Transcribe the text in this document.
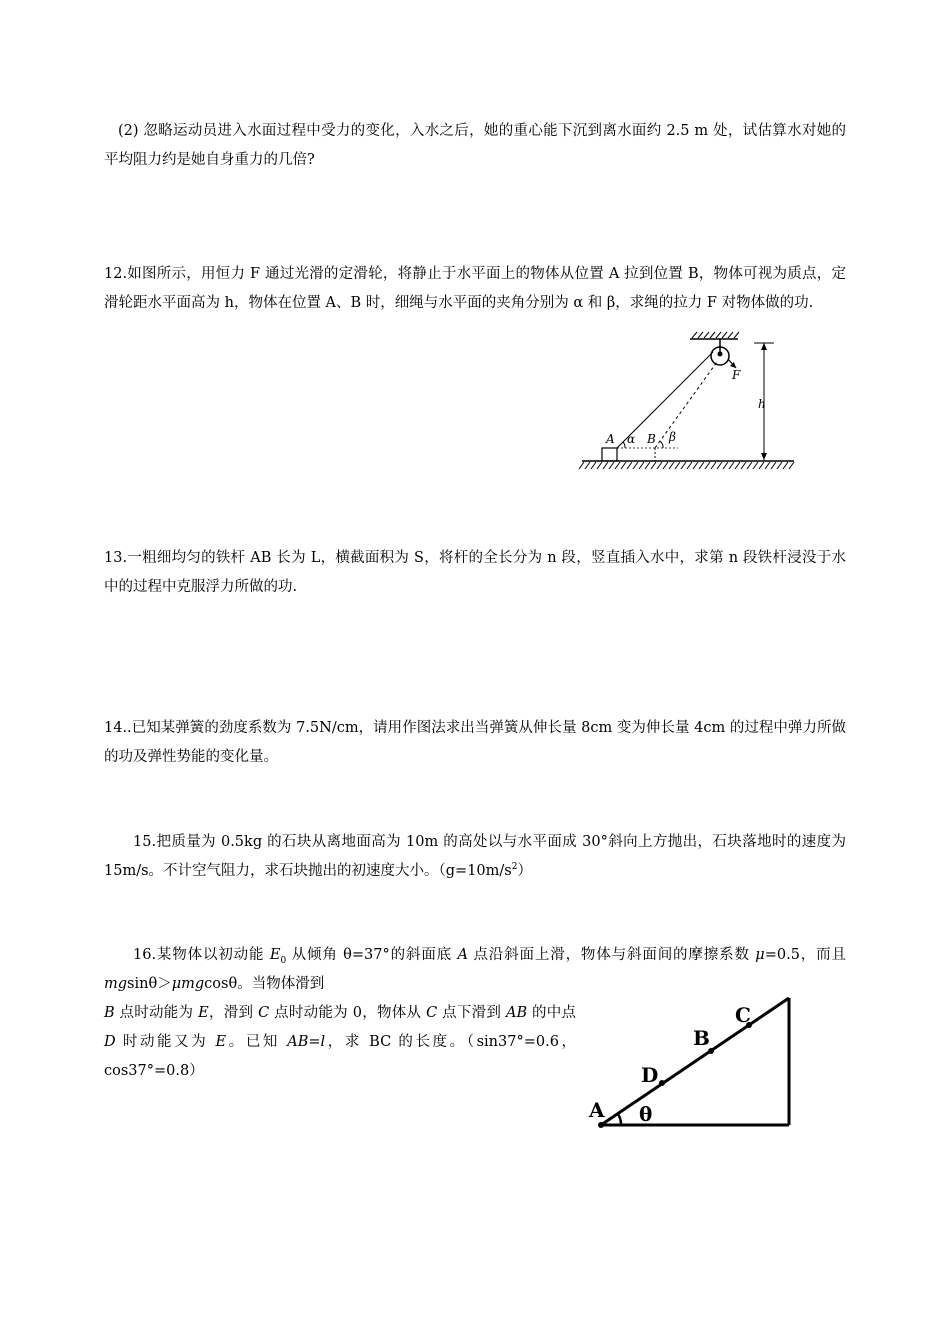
(2) 忽略运动员进入水面过程中受力的变化，入水之后，她的重心能下沉到离水面约 2.5 m 处，试估算水对她的平均阻力约是她自身重力的几倍?

12.如图所示，用恒力 F 通过光滑的定滑轮，将静止于水平面上的物体从位置 A 拉到位置 B，物体可视为质点，定滑轮距水平面高为 h，物体在位置 A、B 时，细绳与水平面的夹角分别为 α 和 β，求绳的拉力 F 对物体做的功.

F
h
A α B β

13.一粗细均匀的铁杆 AB 长为 L，横截面积为 S，将杆的全长分为 n 段，竖直插入水中，求第 n 段铁杆浸没于水中的过程中克服浮力所做的功.

14..已知某弹簧的劲度系数为 7.5N/cm，请用作图法求出当弹簧从伸长量 8cm 变为伸长量 4cm 的过程中弹力所做的功及弹性势能的变化量。

15.把质量为 0.5kg 的石块从离地面高为 10m 的高处以与水平面成 30°斜向上方抛出，石块落地时的速度为 15m/s。不计空气阻力，求石块抛出的初速度大小。$(g=10m/s^2)$

16.某物体以初动能 $E_0$ 从倾角 θ=37°的斜面底 A 点沿斜面上滑，物体与斜面间的摩擦系数 μ=0.5，而且 mgsinθ＞μmgcosθ。当物体滑到

B 点时动能为 E，滑到 C 点时动能为 0，物体从 C 点下滑到 AB 的中点 D 时动能又为 E。已知 AB=l，求 BC 的长度。（sin37°=0.6，cos37°=0.8）

A
D
B
C
θ
